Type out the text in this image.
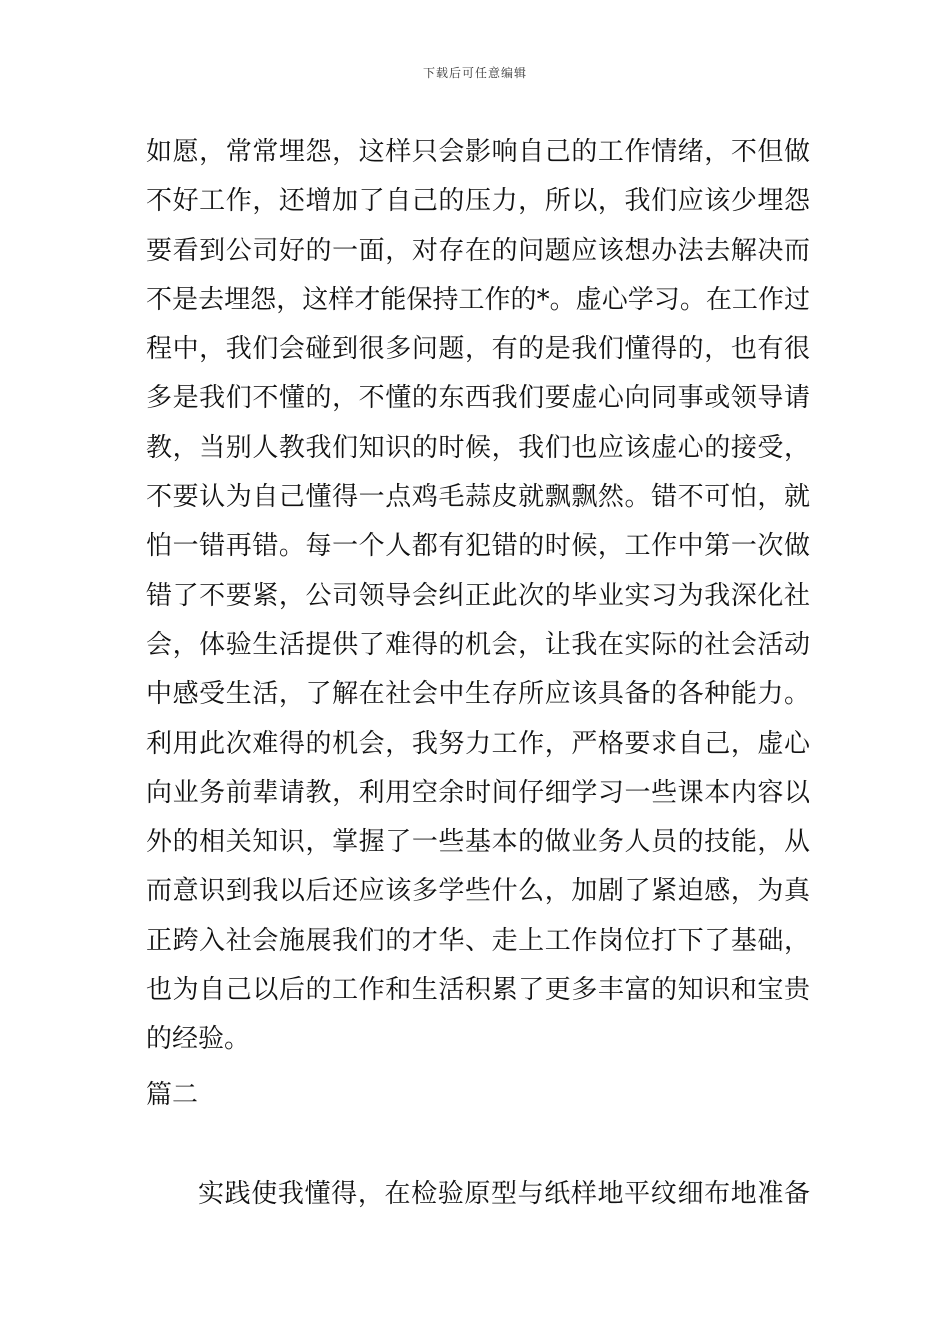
下载后可任意编辑
如愿，常常埋怨，这样只会影响自己的工作情绪，不但做
不好工作，还增加了自己的压力，所以，我们应该少埋怨
要看到公司好的一面，对存在的问题应该想办法去解决而
不是去埋怨，这样才能保持工作的*。虚心学习。在工作过
程中，我们会碰到很多问题，有的是我们懂得的，也有很
多是我们不懂的，不懂的东西我们要虚心向同事或领导请
教，当别人教我们知识的时候，我们也应该虚心的接受，
不要认为自己懂得一点鸡毛蒜皮就飘飘然。错不可怕，就
怕一错再错。每一个人都有犯错的时候，工作中第一次做
错了不要紧，公司领导会纠正此次的毕业实习为我深化社
会，体验生活提供了难得的机会，让我在实际的社会活动
中感受生活，了解在社会中生存所应该具备的各种能力。
利用此次难得的机会，我努力工作，严格要求自己，虚心
向业务前辈请教，利用空余时间仔细学习一些课本内容以
外的相关知识，掌握了一些基本的做业务人员的技能，从
而意识到我以后还应该多学些什么，加剧了紧迫感，为真
正跨入社会施展我们的才华、走上工作岗位打下了基础，
也为自己以后的工作和生活积累了更多丰富的知识和宝贵
的经验。
篇二
实践使我懂得，在检验原型与纸样地平纹细布地准备
